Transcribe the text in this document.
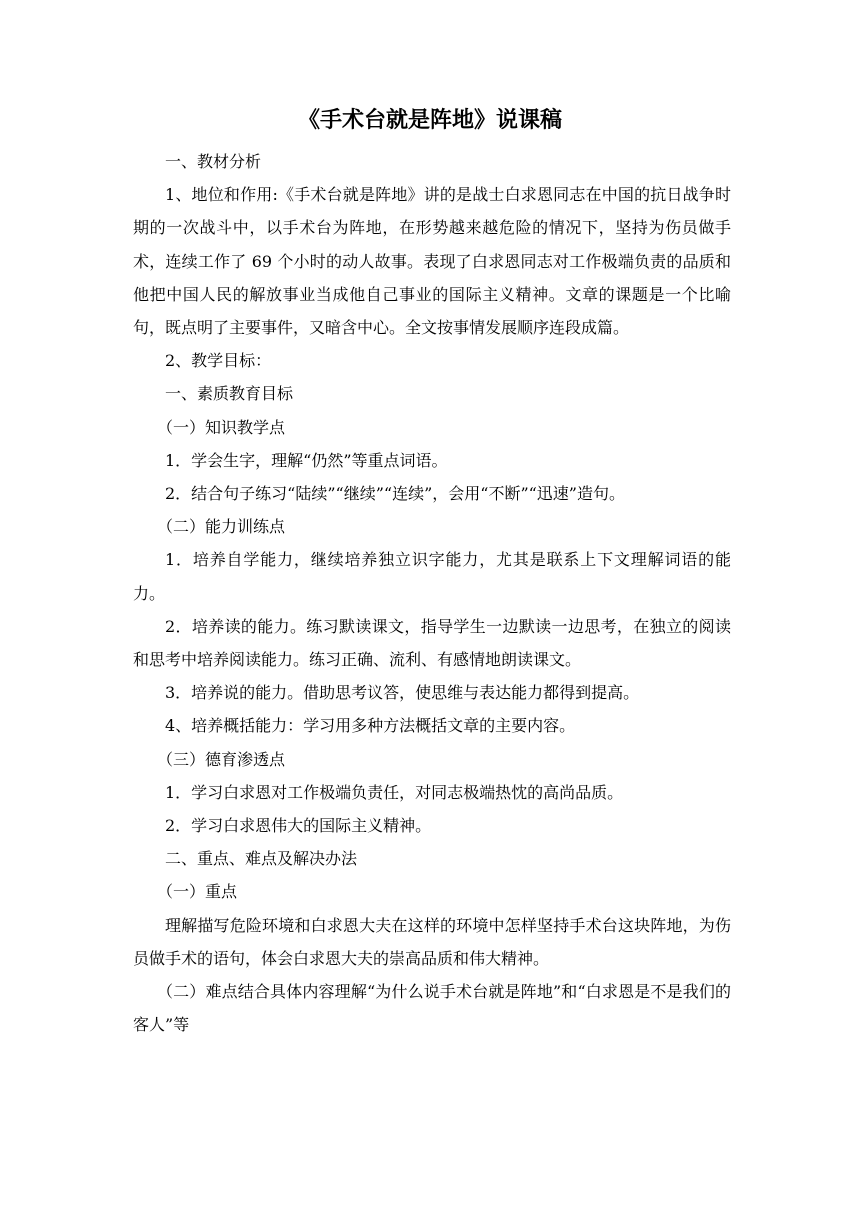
《手术台就是阵地》说课稿

一、教材分析

1、地位和作用:《手术台就是阵地》讲的是战士白求恩同志在中国的抗日战争时期的一次战斗中，以手术台为阵地，在形势越来越危险的情况下，坚持为伤员做手术，连续工作了 69 个小时的动人故事。表现了白求恩同志对工作极端负责的品质和他把中国人民的解放事业当成他自己事业的国际主义精神。文章的课题是一个比喻句，既点明了主要事件，又暗含中心。全文按事情发展顺序连段成篇。

2、教学目标：

一、素质教育目标

（一）知识教学点

1．学会生字，理解“仍然”等重点词语。

2．结合句子练习“陆续”“继续”“连续”，会用“不断”“迅速”造句。

（二）能力训练点

1．培养自学能力，继续培养独立识字能力，尤其是联系上下文理解词语的能力。

2．培养读的能力。练习默读课文，指导学生一边默读一边思考，在独立的阅读和思考中培养阅读能力。练习正确、流利、有感情地朗读课文。

3．培养说的能力。借助思考议答，使思维与表达能力都得到提高。

4、培养概括能力：学习用多种方法概括文章的主要内容。

（三）德育渗透点

1．学习白求恩对工作极端负责任，对同志极端热忱的高尚品质。

2．学习白求恩伟大的国际主义精神。

二、重点、难点及解决办法

（一）重点

理解描写危险环境和白求恩大夫在这样的环境中怎样坚持手术台这块阵地，为伤员做手术的语句，体会白求恩大夫的崇高品质和伟大精神。

（二）难点结合具体内容理解“为什么说手术台就是阵地”和“白求恩是不是我们的客人”等
